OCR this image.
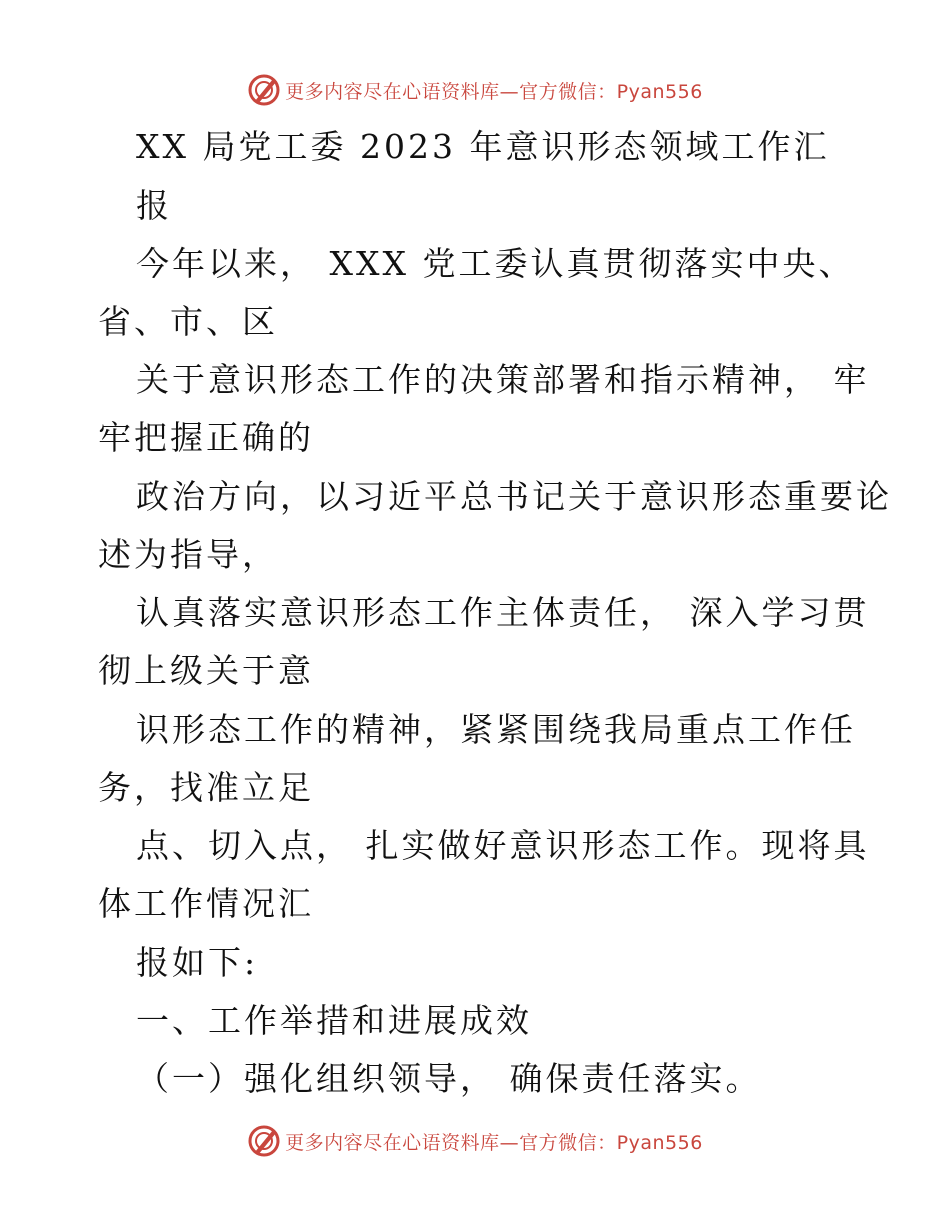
更多内容尽在心语资料库—官方微信：Pyan556
XX 局党工委 2023 年意识形态领域工作汇
报
今年以来， XXX 党工委认真贯彻落实中央、
省、市、区
关于意识形态工作的决策部署和指示精神， 牢
牢把握正确的
政治方向，以习近平总书记关于意识形态重要论
述为指导，
认真落实意识形态工作主体责任， 深入学习贯
彻上级关于意
识形态工作的精神，紧紧围绕我局重点工作任
务，找准立足
点、切入点， 扎实做好意识形态工作。现将具
体工作情况汇
报如下:
一、工作举措和进展成效
（一）强化组织领导， 确保责任落实。
更多内容尽在心语资料库—官方微信：Pyan556
